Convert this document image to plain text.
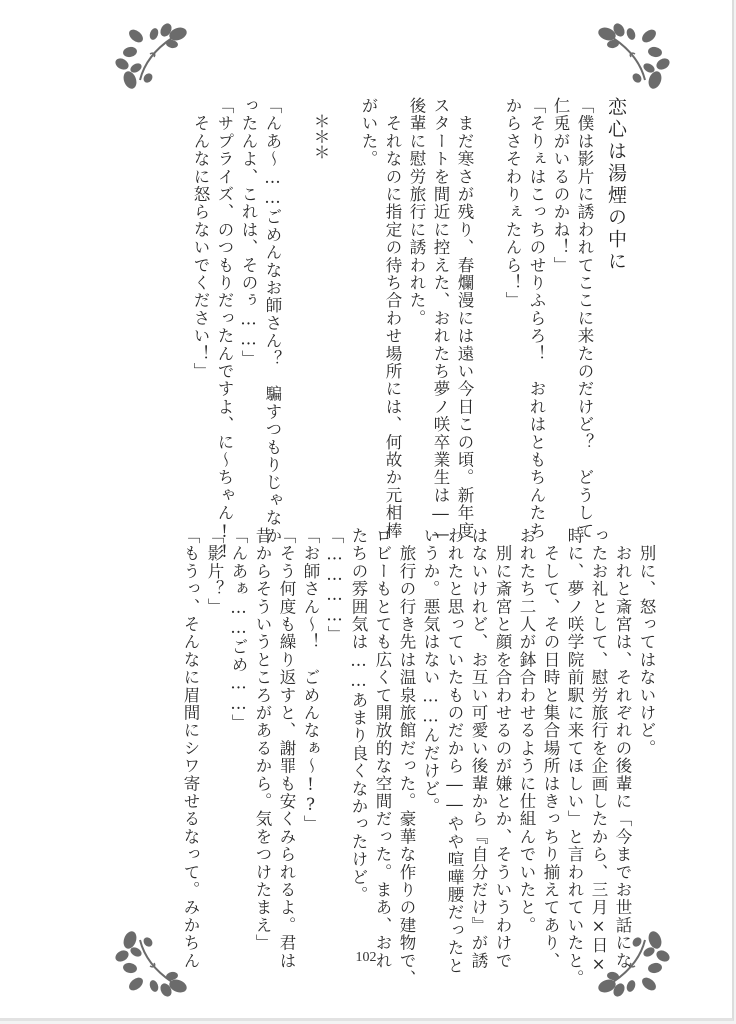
恋心は湯煙の中に

「僕は影片に誘われてここに来たのだけど？　どうして

仁兎がいるのかね！」

「そりぇはこっちのせりふらろ！　おれはともちんたち

からさそわりぇたんら！」

　まだ寒さが残り、春爛漫には遠い今日この頃。新年度

スタートを間近に控えた、おれたち夢ノ咲卒業生は――

後輩に慰労旅行に誘われた。

　それなのに指定の待ち合わせ場所には、何故か元相棒

がいた。

　＊＊＊

「んあ〜……ごめんなお師さん？　騙すつもりじゃなか

ったんよ、これは、そのぅ……」

「サプライズ、のつもりだったんですよ、に〜ちゃん!!

　そんなに怒らないでください！」

　別に、怒ってはないけど。

　おれと斎宮は、それぞれの後輩に「今までお世話にな

ったお礼として、慰労旅行を企画したから、三月×日×

時に、夢ノ咲学院前駅に来てほしい」と言われていたと。

　そして、その日時と集合場所はきっちり揃えてあり、

おれたち二人が鉢合わせるように仕組んでいたと。

　別に斎宮と顔を合わせるのが嫌とか、そういうわけで

はないけれど、お互い可愛い後輩から『自分だけ』が誘

われたと思っていたものだから――やや喧嘩腰だったと

いうか。悪気はない……んだけど。

　旅行の行き先は温泉旅館だった。豪華な作りの建物で、

ロビーもとても広くて開放的な空間だった。まあ、おれ

たちの雰囲気は……あまり良くなかったけど。

「…………」

「お師さん〜！　ごめんなぁ〜!?」

「そう何度も繰り返すと、謝罪も安くみられるよ。君は

昔からそういうところがあるから。気をつけたまえ」

「んあぁ……ごめ……」

「影片？」

「もうっ、そんなに眉間にシワ寄せるなって。みかちん	102
